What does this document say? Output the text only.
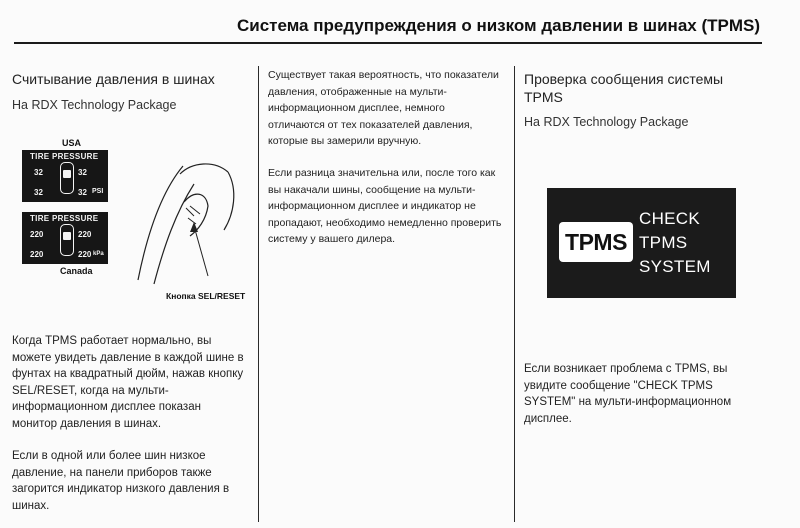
Система предупреждения о низком давлении в шинах (TPMS)
Считывание давления в шинах
На RDX Technology Package
USA
TIRE PRESSURE
32	32
32	32 PSI
TIRE PRESSURE
220	220
220	220 kPa
Canada
Кнопка SEL/RESET

Когда TPMS работает нормально, вы можете увидеть давление в каждой шине в фунтах на квадратный дюйм, нажав кнопку SEL/RESET, когда на мульти-информационном дисплее показан монитор давления в шинах.

Если в одной или более шин низкое давление, на панели приборов также загорится индикатор низкого давления в шинах.

Существует такая вероятность, что показатели давления, отображенные на мульти-информационном дисплее, немного отличаются от тех показателей давления, которые вы замерили вручную.

Если разница значительна или, после того как вы накачали шины, сообщение на мульти-информационном дисплее и индикатор не пропадают, необходимо немедленно проверить систему у вашего дилера.

Проверка сообщения системы TPMS
На RDX Technology Package
TPMS
CHECK
TPMS
SYSTEM

Если возникает проблема с TPMS, вы увидите сообщение "CHECK TPMS SYSTEM" на мульти-информационном дисплее.
